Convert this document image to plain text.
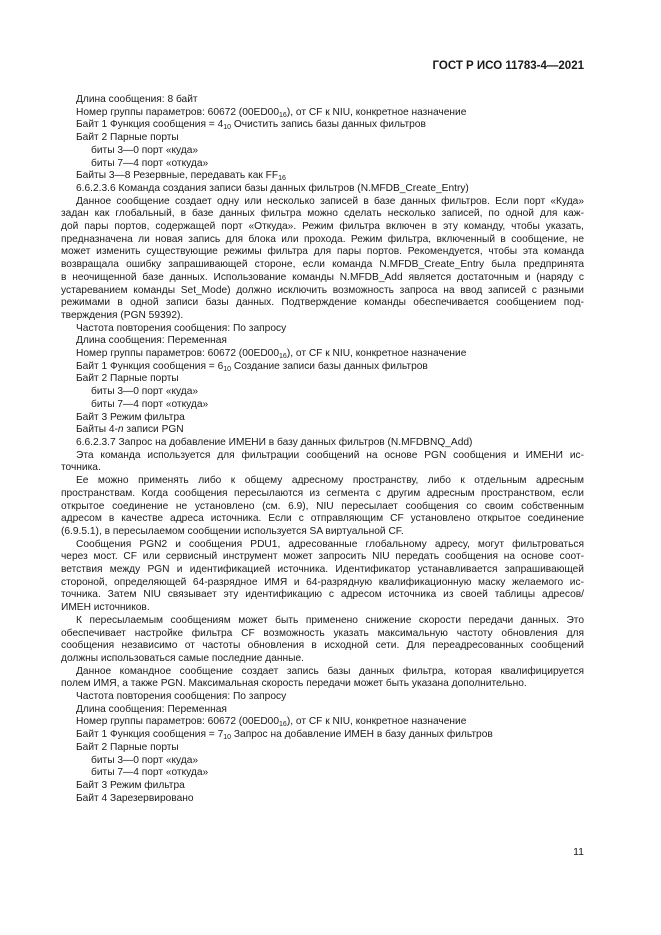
ГОСТ Р ИСО 11783-4—2021
Длина сообщения: 8 байт
Номер группы параметров: 60672 $(00ED00_{16})$, от CF к NIU, конкретное назначение
Байт 1 Функция сообщения = $4_{10}$ Очистить запись базы данных фильтров
Байт 2 Парные порты
биты 3—0 порт «куда»
биты 7—4 порт «откуда»
Байты 3—8 Резервные, передавать как $FF_{16}$
6.6.2.3.6 Команда создания записи базы данных фильтров (N.MFDB_Create_Entry)
Данное сообщение создает одну или несколько записей в базе данных фильтров. Если порт «Куда»
задан как глобальный, в базе данных фильтра можно сделать несколько записей, по одной для каж-
дой пары портов, содержащей порт «Откуда». Режим фильтра включен в эту команду, чтобы указать,
предназначена ли новая запись для блока или прохода. Режим фильтра, включенный в сообщение, не
может изменить существующие режимы фильтра для пары портов. Рекомендуется, чтобы эта команда
возвращала ошибку запрашивающей стороне, если команда N.MFDB_Create_Entry была предпринята
в неочищенной базе данных. Использование команды N.MFDB_Add является достаточным и (наряду с
устареванием команды Set_Mode) должно исключить возможность запроса на ввод записей с разными
режимами в одной записи базы данных. Подтверждение команды обеспечивается сообщением под-
тверждения (PGN 59392).
Частота повторения сообщения: По запросу
Длина сообщения: Переменная
Номер группы параметров: 60672 $(00ED00_{16})$, от CF к NIU, конкретное назначение
Байт 1 Функция сообщения = $6_{10}$ Создание записи базы данных фильтров
Байт 2 Парные порты
биты 3—0 порт «куда»
биты 7—4 порт «откуда»
Байт 3 Режим фильтра
Байты 4-n записи PGN
6.6.2.3.7 Запрос на добавление ИМЕНИ в базу данных фильтров (N.MFDBNQ_Add)
Эта команда используется для фильтрации сообщений на основе PGN сообщения и ИМЕНИ ис-
точника.
Ее можно применять либо к общему адресному пространству, либо к отдельным адресным
пространствам. Когда сообщения пересылаются из сегмента с другим адресным пространством, если
открытое соединение не установлено (см. 6.9), NIU пересылает сообщения со своим собственным
адресом в качестве адреса источника. Если с отправляющим CF установлено открытое соединение
(6.9.5.1), в пересылаемом сообщении используется SA виртуальной CF.
Сообщения PGN2 и сообщения PDU1, адресованные глобальному адресу, могут фильтроваться
через мост. CF или сервисный инструмент может запросить NIU передать сообщения на основе соот-
ветствия между PGN и идентификацией источника. Идентификатор устанавливается запрашивающей
стороной, определяющей 64-разрядное ИМЯ и 64-разрядную квалификационную маску желаемого ис-
точника. Затем NIU связывает эту идентификацию с адресом источника из своей таблицы адресов/
ИМЕН источников.
К пересылаемым сообщениям может быть применено снижение скорости передачи данных. Это
обеспечивает настройке фильтра CF возможность указать максимальную частоту обновления для
сообщения независимо от частоты обновления в исходной сети. Для переадресованных сообщений
должны использоваться самые последние данные.
Данное командное сообщение создает запись базы данных фильтра, которая квалифицируется
полем ИМЯ, а также PGN. Максимальная скорость передачи может быть указана дополнительно.
Частота повторения сообщения: По запросу
Длина сообщения: Переменная
Номер группы параметров: 60672 $(00ED00_{16})$, от CF к NIU, конкретное назначение
Байт 1 Функция сообщения = $7_{10}$ Запрос на добавление ИМЕН в базу данных фильтров
Байт 2 Парные порты
биты 3—0 порт «куда»
биты 7—4 порт «откуда»
Байт 3 Режим фильтра
Байт 4 Зарезервировано
11
